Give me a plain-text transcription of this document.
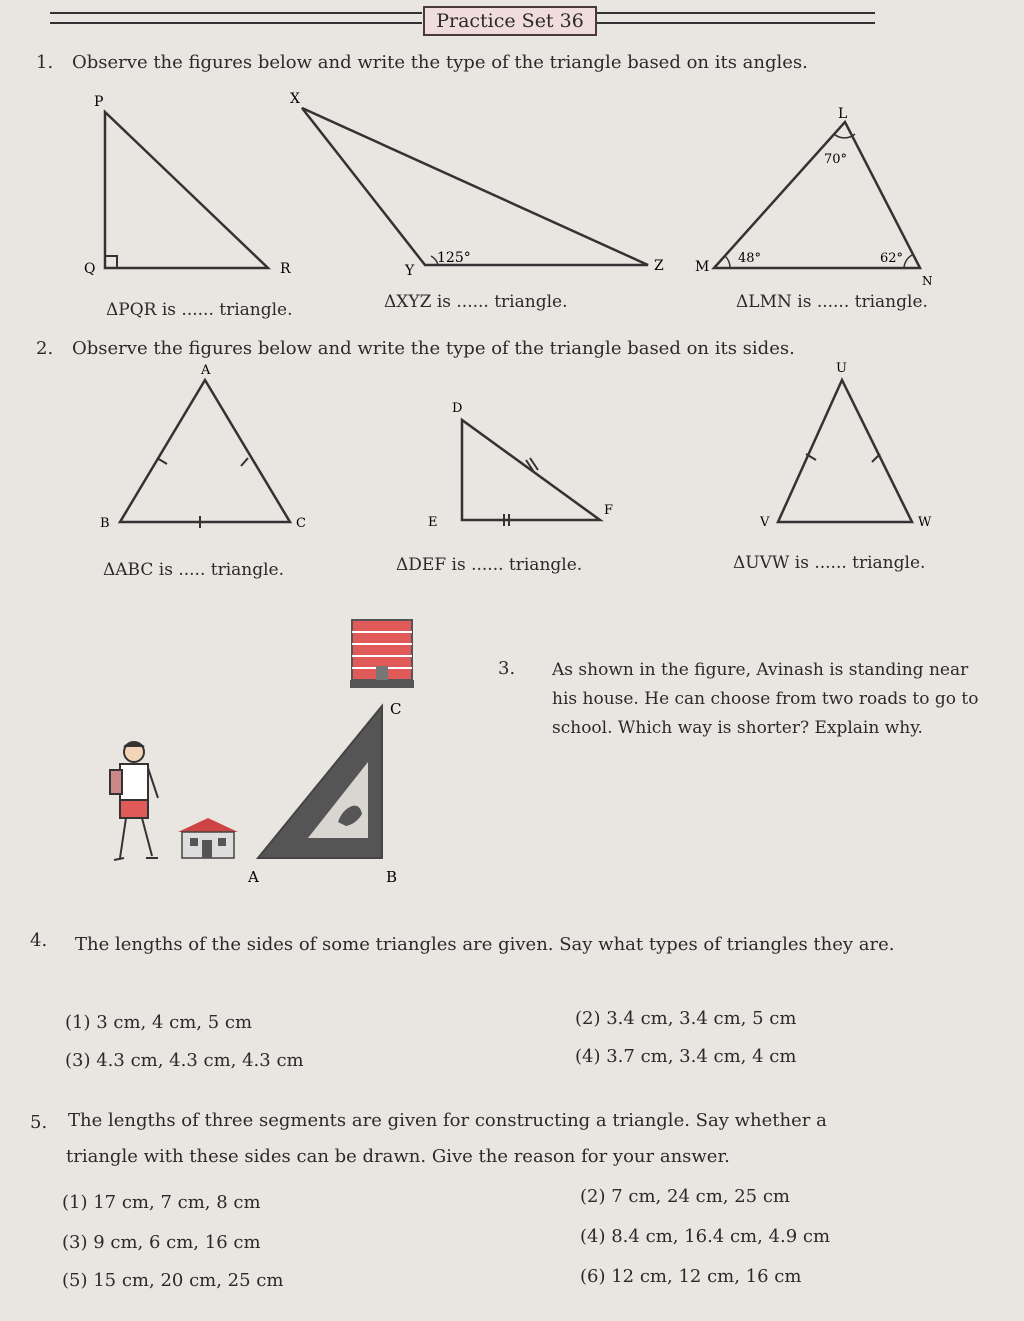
Practice Set 36
1. Observe the figures below and write the type of the triangle based on its angles.
P
Q	R
X
Y	Z
125°
L
M
N
70°
48°	62°
ΔPQR is ...... triangle.	ΔXYZ is ...... triangle.	ΔLMN is ...... triangle.
2. Observe the figures below and write the type of the triangle based on its sides.
A
B	C
D
E
F
U
V	W
ΔABC is ..... triangle.	ΔDEF is ...... triangle.	ΔUVW is ...... triangle.
C
A	B
3. As shown in the figure, Avinash is standing near his house. He can choose from two roads to go to school. Which way is shorter? Explain why.
4. The lengths of the sides of some triangles are given. Say what types of triangles they are.
(1) 3 cm, 4 cm, 5 cm	(2) 3.4 cm, 3.4 cm, 5 cm
(3) 4.3 cm, 4.3 cm, 4.3 cm	(4) 3.7 cm, 3.4 cm, 4 cm
5. The lengths of three segments are given for constructing a triangle. Say whether a
triangle with these sides can be drawn. Give the reason for your answer.
(1) 17 cm, 7 cm, 8 cm	(2) 7 cm, 24 cm, 25 cm
(3) 9 cm, 6 cm, 16 cm	(4) 8.4 cm, 16.4 cm, 4.9 cm
(5) 15 cm, 20 cm, 25 cm	(6) 12 cm, 12 cm, 16 cm
